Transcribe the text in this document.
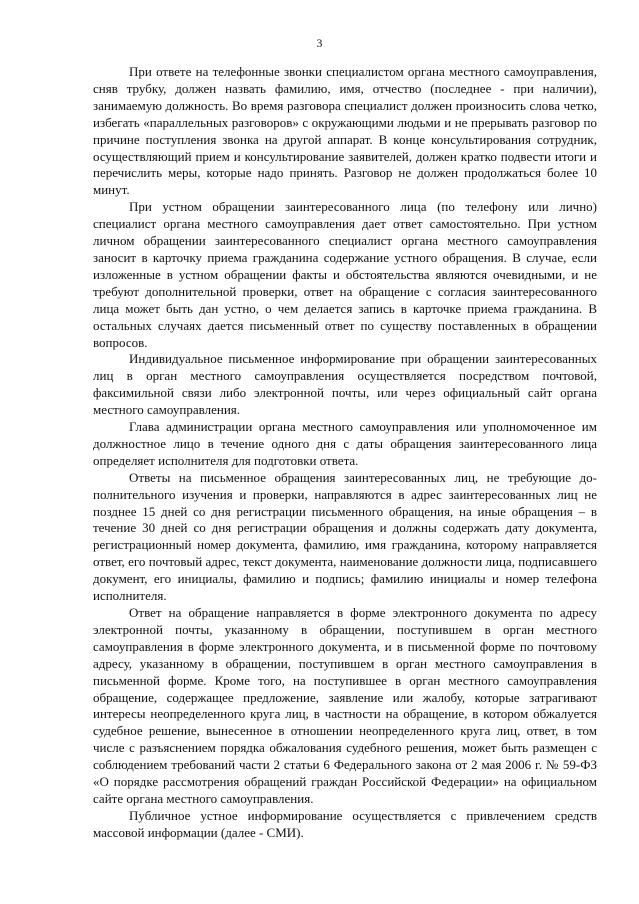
3

При ответе на телефонные звонки специалистом органа местного самоуправления, сняв трубку, должен назвать фамилию, имя, отчество (последнее - при наличии), занимаемую должность. Во время разговора специалист должен произносить слова четко, избегать «параллельных разговоров» с окружающими людьми и не прерывать разговор по причине поступления звонка на другой аппарат. В конце консультирования сотрудник, осуществляющий прием и консультирование заявителей, должен кратко подвести итоги и перечислить меры, которые надо принять. Разговор не должен продолжаться более 10 минут.

При устном обращении заинтересованного лица (по телефону или лично) специалист органа местного самоуправления дает ответ самостоятельно. При устном личном обращении заинтересованного специалист органа местного самоуправления заносит в карточку приема гражданина содержание устного обращения. В случае, если изложенные в устном обращении факты и обстоятельства являются очевидными, и не требуют дополнительной проверки, ответ на обращение с согласия заинтересованного лица может быть дан устно, о чем делается запись в карточке приема гражданина. В остальных случаях дается письменный ответ по существу поставленных в обращении вопросов.

Индивидуальное письменное информирование при обращении заинтересованных лиц в орган местного самоуправления осуществляется посредством почтовой, факсимильной связи либо электронной почты, или через официальный сайт органа местного самоуправления.

Глава администрации органа местного самоуправления или уполномоченное им должностное лицо в течение одного дня с даты обращения заинтересованного лица определяет исполнителя для подготовки ответа.

Ответы на письменное обращения заинтересованных лиц, не требующие дополнительного изучения и проверки, направляются в адрес заинтересованных лиц не позднее 15 дней со дня регистрации письменного обращения, на иные обращения – в течение 30 дней со дня регистрации обращения и должны содержать дату документа, регистрационный номер документа, фамилию, имя гражданина, которому направляется ответ, его почтовый адрес, текст документа, наименование должности лица, подписавшего документ, его инициалы, фамилию и подпись; фамилию инициалы и номер телефона исполнителя.

Ответ на обращение направляется в форме электронного документа по адресу электронной почты, указанному в обращении, поступившем в орган местного самоуправления в форме электронного документа, и в письменной форме по почтовому адресу, указанному в обращении, поступившем в орган местного самоуправления в письменной форме. Кроме того, на поступившее в орган местного самоуправления обращение, содержащее предложение, заявление или жалобу, которые затрагивают интересы неопределенного круга лиц, в частности на обращение, в котором обжалуется судебное решение, вынесенное в отношении неопределенного круга лиц, ответ, в том числе с разъяснением порядка обжалования судебного решения, может быть размещен с соблюдением требований части 2 статьи 6 Федерального закона от 2 мая 2006 г. № 59-ФЗ «О порядке рассмотрения обращений граждан Российской Федерации» на официальном сайте органа местного самоуправления.

Публичное устное информирование осуществляется с привлечением средств массовой информации (далее - СМИ).
